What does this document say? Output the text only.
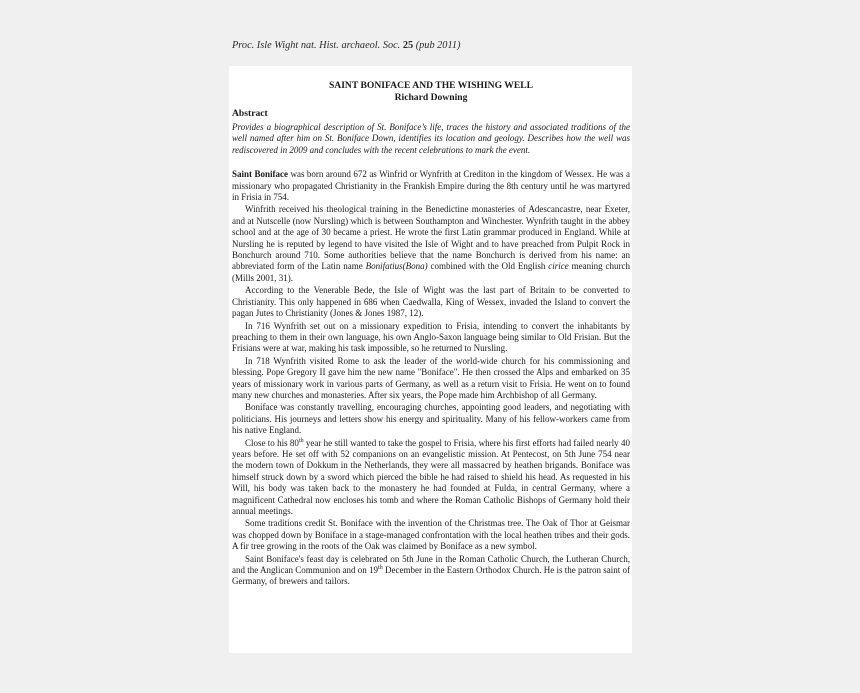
Proc. Isle Wight nat. Hist. archaeol. Soc. 25 (pub 2011)

SAINT BONIFACE AND THE WISHING WELL

Richard Downing

Abstract

Provides a biographical description of St. Boniface’s life, traces the history and associated traditions of the well named after him on St. Boniface Down, identifies its location and geology. Describes how the well was rediscovered in 2009 and concludes with the recent celebrations to mark the event.

Saint Boniface was born around 672 as Winfrid or Wynfrith at Crediton in the kingdom of Wessex. He was a missionary who propagated Christianity in the Frankish Empire during the 8th century until he was martyred in Frisia in 754.

Winfrith received his theological training in the Benedictine monasteries of Adescancastre, near Exeter, and at Nutscelle (now Nursling) which is between Southampton and Winchester. Wynfrith taught in the abbey school and at the age of 30 became a priest. He wrote the first Latin grammar produced in England. While at Nursling he is reputed by legend to have visited the Isle of Wight and to have preached from Pulpit Rock in Bonchurch around 710. Some authorities believe that the name Bonchurch is derived from his name: an abbreviated form of the Latin name Bonifatius(Bona) combined with the Old English cirice meaning church (Mills 2001, 31).

According to the Venerable Bede, the Isle of Wight was the last part of Britain to be converted to Christianity. This only happened in 686 when Caedwalla, King of Wessex, invaded the Island to convert the pagan Jutes to Christianity (Jones & Jones 1987, 12).

In 716 Wynfrith set out on a missionary expedition to Frisia, intending to convert the inhabitants by preaching to them in their own language, his own Anglo-Saxon language being similar to Old Frisian. But the Frisians were at war, making his task impossible, so he returned to Nursling.

In 718 Wynfrith visited Rome to ask the leader of the world-wide church for his commissioning and blessing. Pope Gregory II gave him the new name "Boniface". He then crossed the Alps and embarked on 35 years of missionary work in various parts of Germany, as well as a return visit to Frisia. He went on to found many new churches and monasteries. After six years, the Pope made him Archbishop of all Germany.

Boniface was constantly travelling, encouraging churches, appointing good leaders, and negotiating with politicians. His journeys and letters show his energy and spirituality. Many of his fellow-workers came from his native England.

Close to his 80th year he still wanted to take the gospel to Frisia, where his first efforts had failed nearly 40 years before. He set off with 52 companions on an evangelistic mission. At Pentecost, on 5th June 754 near the modern town of Dokkum in the Netherlands, they were all massacred by heathen brigands. Boniface was himself struck down by a sword which pierced the bible he had raised to shield his head. As requested in his Will, his body was taken back to the monastery he had founded at Fulda, in central Germany, where a magnificent Cathedral now encloses his tomb and where the Roman Catholic Bishops of Germany hold their annual meetings.

Some traditions credit St. Boniface with the invention of the Christmas tree. The Oak of Thor at Geismar was chopped down by Boniface in a stage-managed confrontation with the local heathen tribes and their gods. A fir tree growing in the roots of the Oak was claimed by Boniface as a new symbol.

Saint Boniface's feast day is celebrated on 5th June in the Roman Catholic Church, the Lutheran Church, and the Anglican Communion and on 19th December in the Eastern Orthodox Church. He is the patron saint of Germany, of brewers and tailors.
